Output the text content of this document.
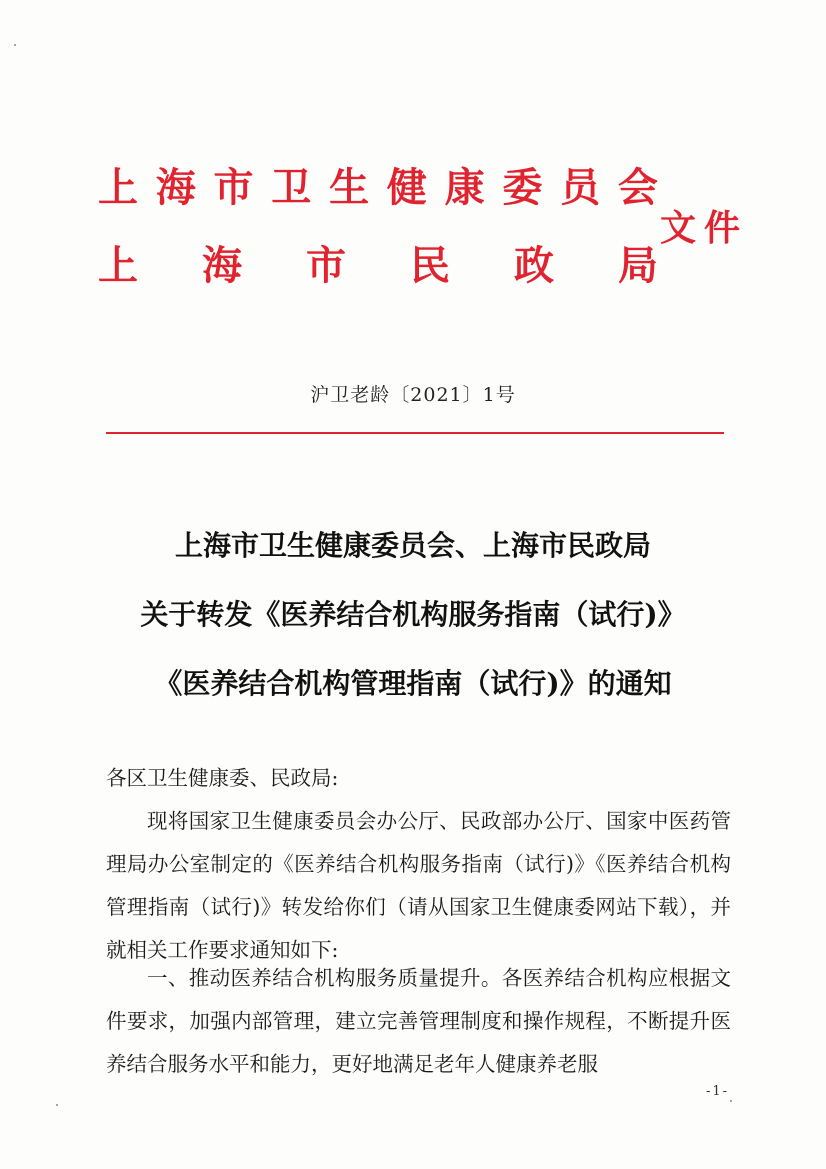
上 海 市 卫 生 健 康 委 员 会
上 海 市 民 政 局
文件
沪卫老龄〔2021〕1号
上海市卫生健康委员会、上海市民政局
关于转发《医养结合机构服务指南（试行)》
《医养结合机构管理指南（试行)》的通知
各区卫生健康委、民政局:
现将国家卫生健康委员会办公厅、民政部办公厅、国家中医药管理局办公室制定的《医养结合机构服务指南（试行)》《医养结合机构管理指南（试行)》转发给你们（请从国家卫生健康委网站下载），并就相关工作要求通知如下:
一、推动医养结合机构服务质量提升。各医养结合机构应根据文件要求，加强内部管理，建立完善管理制度和操作规程，不断提升医养结合服务水平和能力，更好地满足老年人健康养老服
-1-
